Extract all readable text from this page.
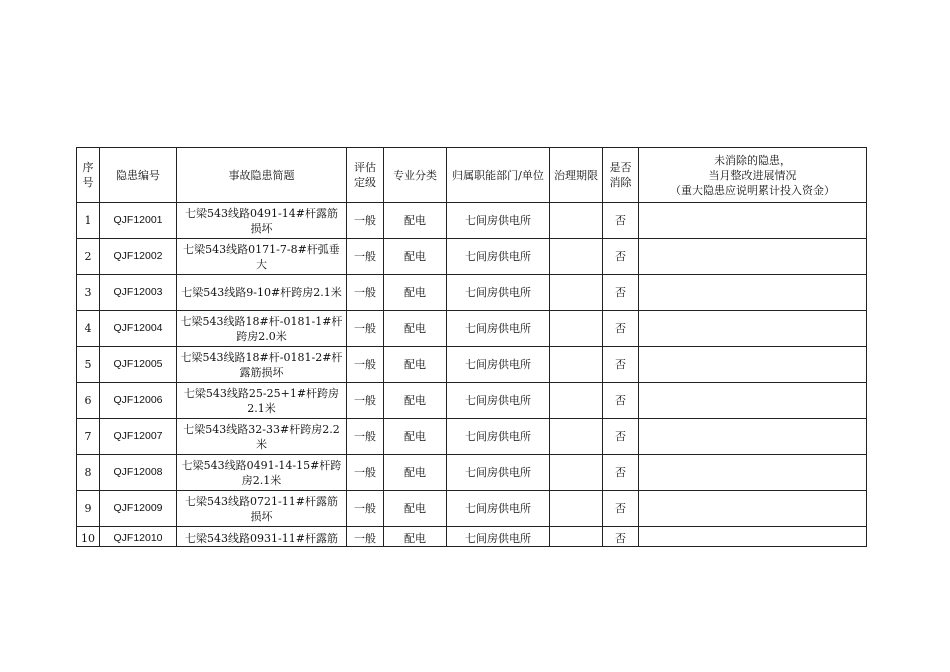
序号	隐患编号	事故隐患简题	评估定级	专业分类	归属职能部门/单位	治理期限	是否消除	未消除的隐患，
当月整改进展情况
（重大隐患应说明累计投入资金）

1	QJF12001	七梁543线路0491-14#杆露筋损坏	一般	配电	七间房供电所		否	
2	QJF12002	七梁543线路0171-7-8#杆弧垂大	一般	配电	七间房供电所		否	
3	QJF12003	七梁543线路9-10#杆跨房2.1米	一般	配电	七间房供电所		否	
4	QJF12004	七梁543线路18#杆-0181-1#杆跨房2.0米	一般	配电	七间房供电所		否	
5	QJF12005	七梁543线路18#杆-0181-2#杆露筋损坏	一般	配电	七间房供电所		否	
6	QJF12006	七梁543线路25-25+1#杆跨房2.1米	一般	配电	七间房供电所		否	
7	QJF12007	七梁543线路32-33#杆跨房2.2米	一般	配电	七间房供电所		否	
8	QJF12008	七梁543线路0491-14-15#杆跨房2.1米	一般	配电	七间房供电所		否	
9	QJF12009	七梁543线路0721-11#杆露筋损坏	一般	配电	七间房供电所		否	
10	QJF12010	七梁543线路0931-11#杆露筋	一般	配电	七间房供电所		否	
